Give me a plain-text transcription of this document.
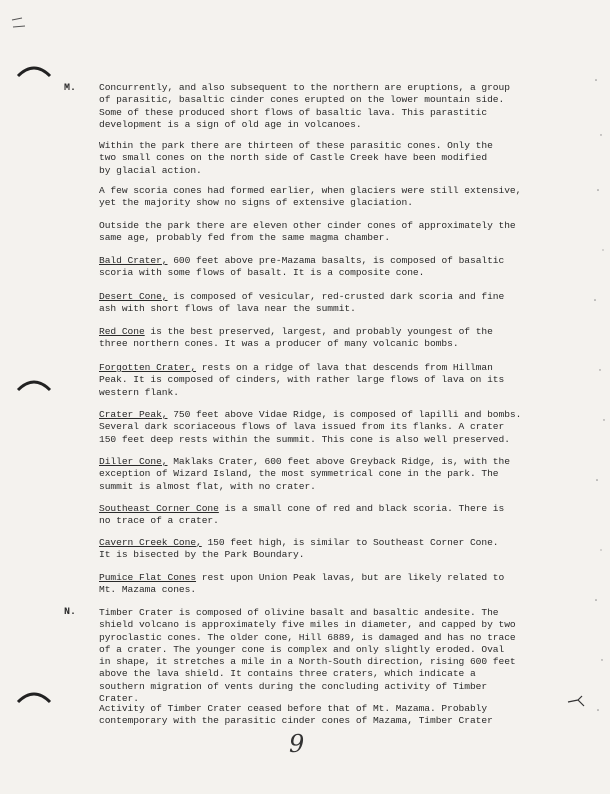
M. Concurrently, and also subsequent to the northern are eruptions, a group
of parasitic, basaltic cinder cones erupted on the lower mountain side.
Some of these produced short flows of basaltic lava. This parastitic
development is a sign of old age in volcanoes.
Within the park there are thirteen of these parasitic cones. Only the
two small cones on the north side of Castle Creek have been modified
by glacial action.
A few scoria cones had formed earlier, when glaciers were still extensive,
yet the majority show no signs of extensive glaciation.
Outside the park there are eleven other cinder cones of approximately the
same age, probably fed from the same magma chamber.
Bald Crater, 600 feet above pre-Mazama basalts, is composed of basaltic
scoria with some flows of basalt. It is a composite cone.
Desert Cone, is composed of vesicular, red-crusted dark scoria and fine
ash with short flows of lava near the summit.
Red Cone is the best preserved, largest, and probably youngest of the
three northern cones. It was a producer of many volcanic bombs.
Forgotten Crater, rests on a ridge of lava that descends from Hillman
Peak. It is composed of cinders, with rather large flows of lava on its
western flank.
Crater Peak, 750 feet above Vidae Ridge, is composed of lapilli and bombs.
Several dark scoriaceous flows of lava issued from its flanks. A crater
150 feet deep rests within the summit. This cone is also well preserved.
Diller Cone, Maklaks Crater, 600 feet above Greyback Ridge, is, with the
exception of Wizard Island, the most symmetrical cone in the park. The
summit is almost flat, with no crater.
Southeast Corner Cone is a small cone of red and black scoria. There is
no trace of a crater.
Cavern Creek Cone, 150 feet high, is similar to Southeast Corner Cone.
It is bisected by the Park Boundary.
Pumice Flat Cones rest upon Union Peak lavas, but are likely related to
Mt. Mazama cones.
N. Timber Crater is composed of olivine basalt and basaltic andesite. The
shield volcano is approximately five miles in diameter, and capped by two
pyroclastic cones. The older cone, Hill 6889, is damaged and has no trace
of a crater. The younger cone is complex and only slightly eroded. Oval
in shape, it stretches a mile in a North-South direction, rising 600 feet
above the lava shield. It contains three craters, which indicate a
southern migration of vents during the concluding activity of Timber Crater.
Activity of Timber Crater ceased before that of Mt. Mazama. Probably
contemporary with the parasitic cinder cones of Mazama, Timber Crater
9
